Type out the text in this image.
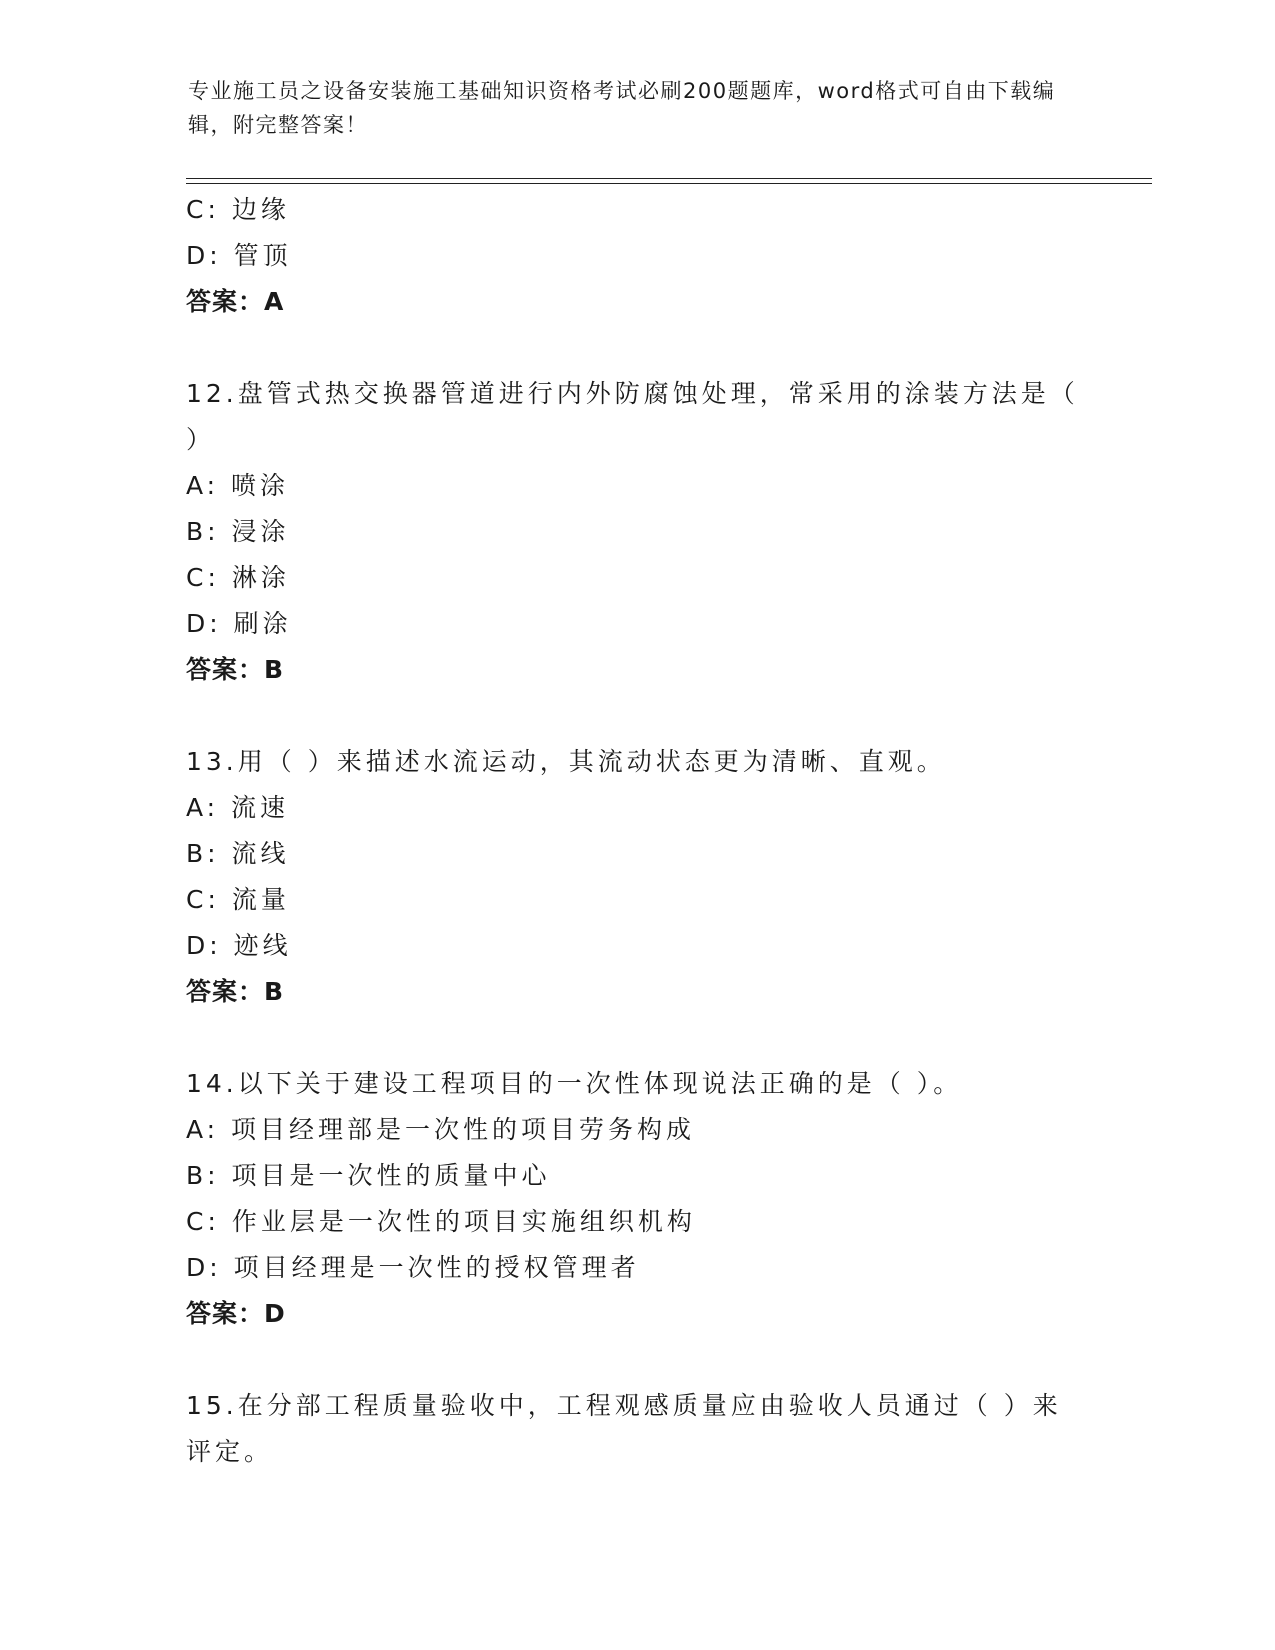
专业施工员之设备安装施工基础知识资格考试必刷200题题库，word格式可自由下载编辑，附完整答案！
C: 边缘
D: 管顶
答案：A
12.盘管式热交换器管道进行内外防腐蚀处理，常采用的涂装方法是（
）
A: 喷涂
B: 浸涂
C: 淋涂
D: 刷涂
答案：B
13.用（ ）来描述水流运动，其流动状态更为清晰、直观。
A: 流速
B: 流线
C: 流量
D: 迹线
答案：B
14.以下关于建设工程项目的一次性体现说法正确的是（ ）。
A: 项目经理部是一次性的项目劳务构成
B: 项目是一次性的质量中心
C: 作业层是一次性的项目实施组织机构
D: 项目经理是一次性的授权管理者
答案：D
15.在分部工程质量验收中，工程观感质量应由验收人员通过（ ）来
评定。
